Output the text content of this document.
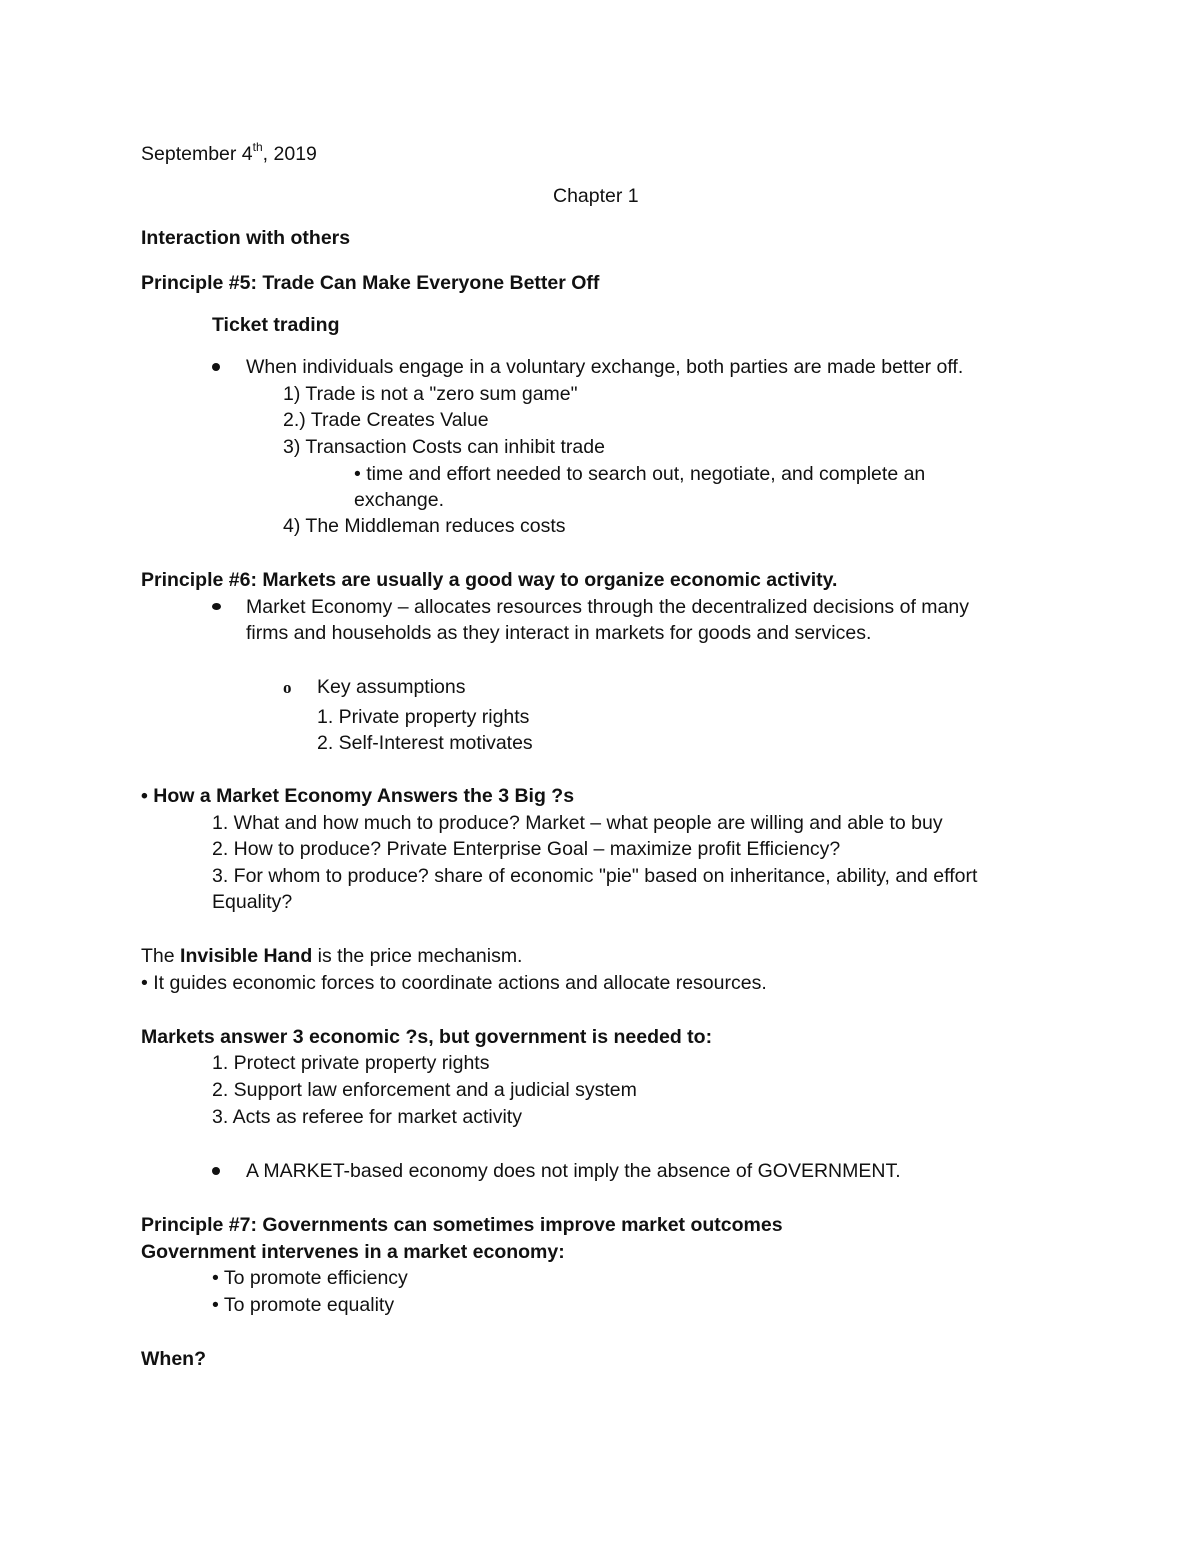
September 4th, 2019
Chapter 1
Interaction with others
Principle #5: Trade Can Make Everyone Better Off
Ticket trading
When individuals engage in a voluntary exchange, both parties are made better off.
1) Trade is not a "zero sum game"
2.) Trade Creates Value
3) Transaction Costs can inhibit trade
• time and effort needed to search out, negotiate, and complete an
exchange.
4) The Middleman reduces costs
Principle #6: Markets are usually a good way to organize economic activity.
Market Economy – allocates resources through the decentralized decisions of many
firms and households as they interact in markets for goods and services.
o Key assumptions
1. Private property rights
2. Self-Interest motivates
• How a Market Economy Answers the 3 Big ?s
1. What and how much to produce? Market – what people are willing and able to buy
2. How to produce? Private Enterprise Goal – maximize profit Efficiency?
3. For whom to produce? share of economic "pie" based on inheritance, ability, and effort
Equality?
The Invisible Hand is the price mechanism.
• It guides economic forces to coordinate actions and allocate resources.
Markets answer 3 economic ?s, but government is needed to:
1. Protect private property rights
2. Support law enforcement and a judicial system
3. Acts as referee for market activity
A MARKET-based economy does not imply the absence of GOVERNMENT.
Principle #7: Governments can sometimes improve market outcomes
Government intervenes in a market economy:
• To promote efficiency
• To promote equality
When?
